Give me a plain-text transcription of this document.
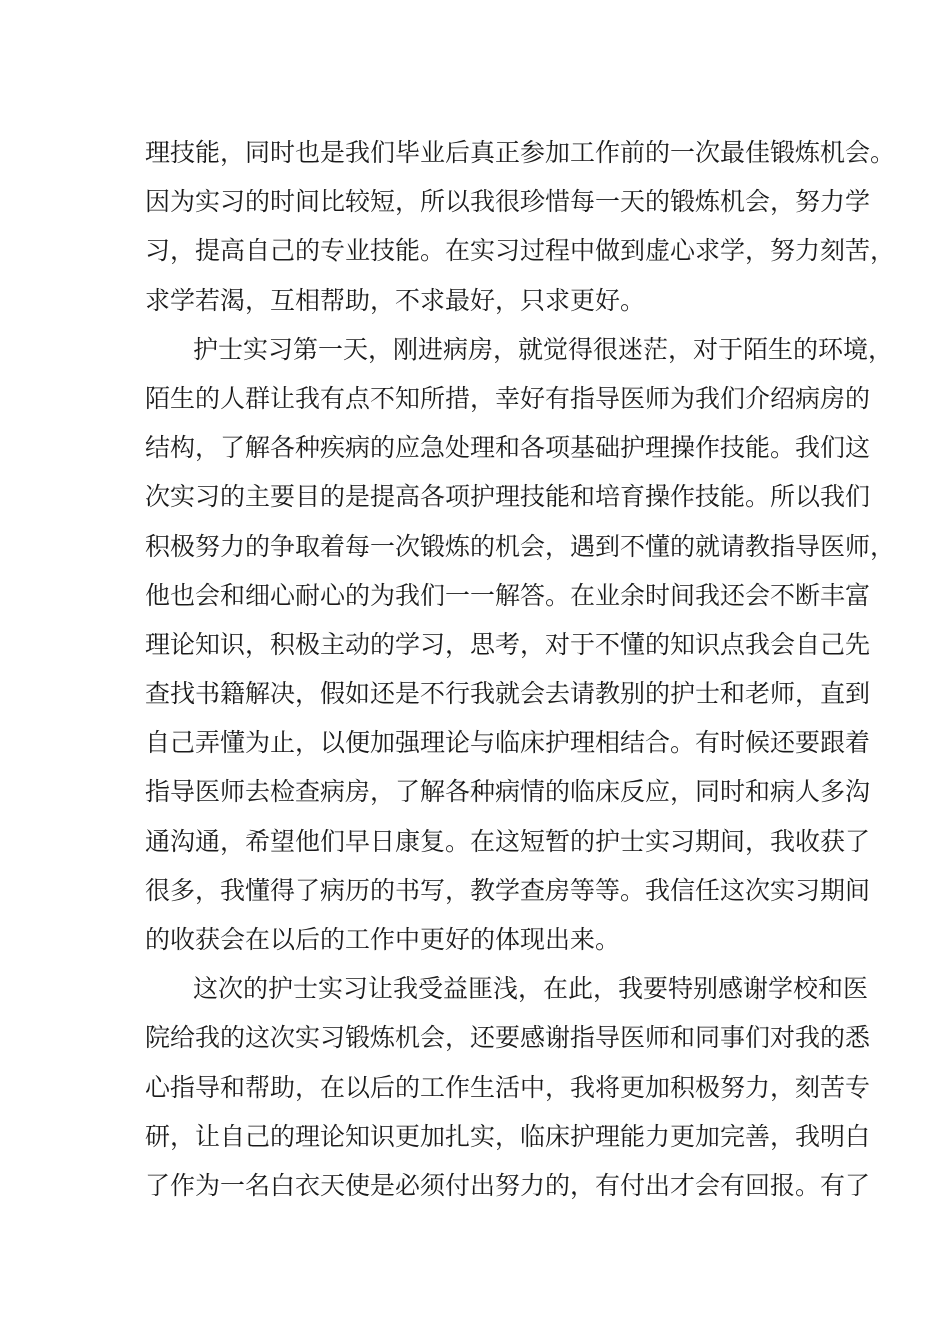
理技能，同时也是我们毕业后真正参加工作前的一次最佳锻炼机会。
因为实习的时间比较短，所以我很珍惜每一天的锻炼机会，努力学
习，提高自己的专业技能。在实习过程中做到虚心求学，努力刻苦，
求学若渴，互相帮助，不求最好，只求更好。
护士实习第一天，刚进病房，就觉得很迷茫，对于陌生的环境，
陌生的人群让我有点不知所措，幸好有指导医师为我们介绍病房的
结构，了解各种疾病的应急处理和各项基础护理操作技能。我们这
次实习的主要目的是提高各项护理技能和培育操作技能。所以我们
积极努力的争取着每一次锻炼的机会，遇到不懂的就请教指导医师，
他也会和细心耐心的为我们一一解答。在业余时间我还会不断丰富
理论知识，积极主动的学习，思考，对于不懂的知识点我会自己先
查找书籍解决，假如还是不行我就会去请教别的护士和老师，直到
自己弄懂为止，以便加强理论与临床护理相结合。有时候还要跟着
指导医师去检查病房，了解各种病情的临床反应，同时和病人多沟
通沟通，希望他们早日康复。在这短暂的护士实习期间，我收获了
很多，我懂得了病历的书写，教学查房等等。我信任这次实习期间
的收获会在以后的工作中更好的体现出来。
这次的护士实习让我受益匪浅，在此，我要特别感谢学校和医
院给我的这次实习锻炼机会，还要感谢指导医师和同事们对我的悉
心指导和帮助，在以后的工作生活中，我将更加积极努力，刻苦专
研，让自己的理论知识更加扎实，临床护理能力更加完善，我明白
了作为一名白衣天使是必须付出努力的，有付出才会有回报。有了
